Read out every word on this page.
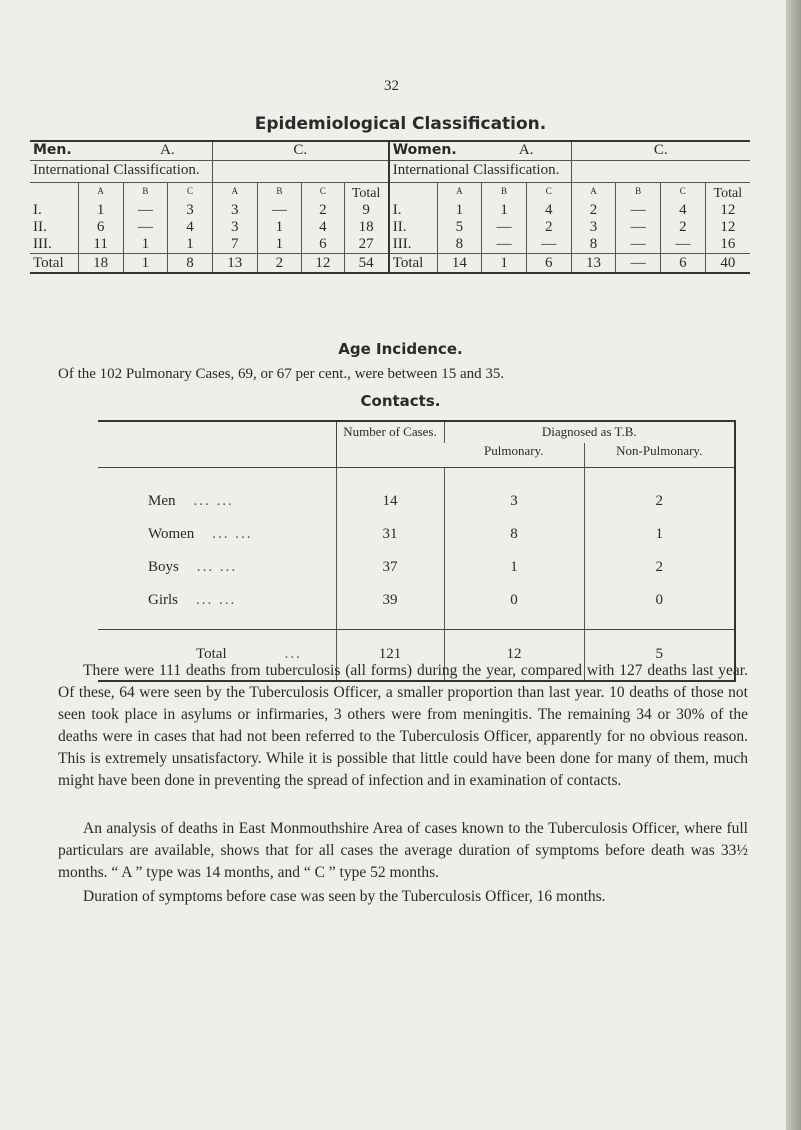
32
Epidemiological Classification.
Men.		A.		C.				Women.		A.		C.			
International Classification.								International Classification.							
	A	B	C	A	B	C	Total		A	B	C	A	B	C	Total
I.	1	—	3	3	—	2	9	I.	1	1	4	2	—	4	12
II.	6	—	4	3	1	4	18	II.	5	—	2	3	—	2	12
III.	11	1	1	7	1	6	27	III.	8	—	—	8	—	—	16
Total	18	1	8	13	2	12	54	Total	14	1	6	13	—	6	40
Age Incidence.
Of the 102 Pulmonary Cases, 69, or 67 per cent., were between 15 and 35.
Contacts.
	Number of Cases.	Diagnosed as T.B.	
		Pulmonary.	Non-Pulmonary.

Men ... ...	14	3	2
Women ... ...	31	8	1
Boys ... ...	37	1	2
Girls ... ...	39	0	0

Total ...	121	12	5

There were 111 deaths from tuberculosis (all forms) during the year, compared with 127 deaths last year. Of these, 64 were seen by the Tuberculosis Officer, a smaller proportion than last year. 10 deaths of those not seen took place in asylums or infirmaries, 3 others were from meningitis. The remaining 34 or 30% of the deaths were in cases that had not been referred to the Tuberculosis Officer, apparently for no obvious reason. This is extremely unsatisfactory. While it is possible that little could have been done for many of them, much might have been done in preventing the spread of infection and in examination of contacts.

An analysis of deaths in East Monmouthshire Area of cases known to the Tuberculosis Officer, where full particulars are available, shows that for all cases the average duration of symptoms before death was 33½ months. “ A ” type was 14 months, and “ C ” type 52 months.

Duration of symptoms before case was seen by the Tuberculosis Officer, 16 months.
